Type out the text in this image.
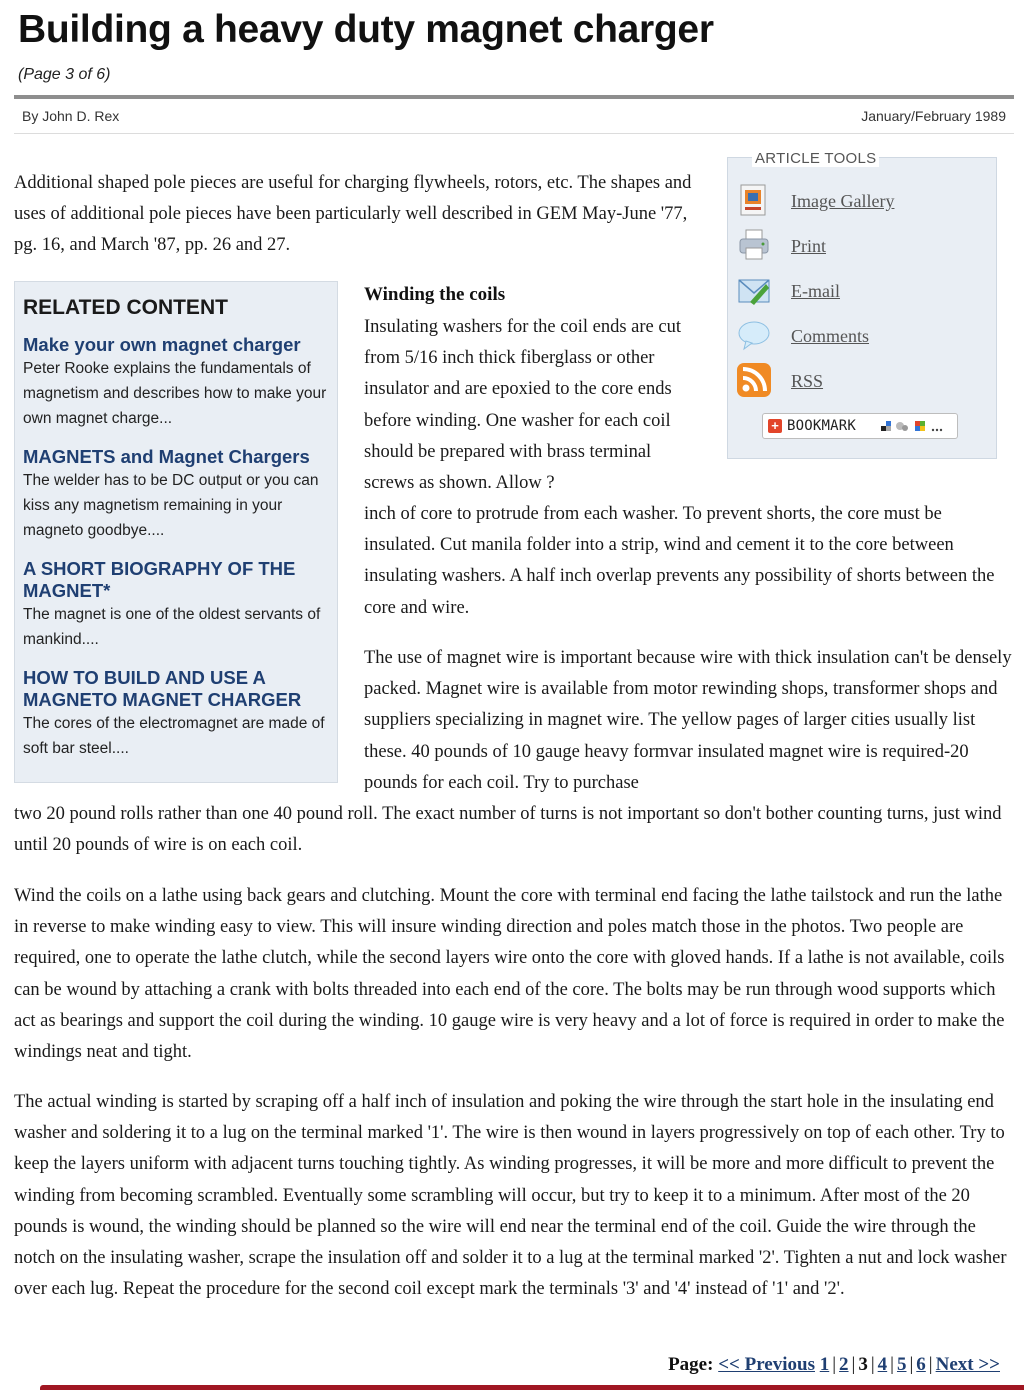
Building a heavy duty magnet charger
(Page 3 of 6)
By John D. Rex	January/February 1989

Additional shaped pole pieces are useful for charging flywheels, rotors, etc. The shapes and uses of additional pole pieces have been particularly well described in GEM May-June '77, pg. 16, and March '87, pp. 26 and 27.

ARTICLE TOOLS
Image Gallery
Print
E-mail
Comments
RSS
+ BOOKMARK
RELATED CONTENT
Make your own magnet charger
Peter Rooke explains the fundamentals of magnetism and describes how to make your own magnet charge...
MAGNETS and Magnet Chargers
The welder has to be DC output or you can kiss any magnetism remaining in your magneto goodbye....
A SHORT BIOGRAPHY OF THE MAGNET*
The magnet is one of the oldest servants of mankind....
HOW TO BUILD AND USE A MAGNETO MAGNET CHARGER
The cores of the electromagnet are made of soft bar steel....
Winding the coils

Insulating washers for the coil ends are cut from 5/16 inch thick fiberglass or other insulator and are epoxied to the core ends before winding. One washer for each coil should be prepared with brass terminal screws as shown. Allow ?

inch of core to protrude from each washer. To prevent shorts, the core must be insulated. Cut manila folder into a strip, wind and cement it to the core between insulating washers. A half inch overlap prevents any possibility of shorts between the core and wire.

The use of magnet wire is important because wire with thick insulation can't be densely packed. Magnet wire is available from motor rewinding shops, transformer shops and suppliers specializing in magnet wire. The yellow pages of larger cities usually list these. 40 pounds of 10 gauge heavy formvar insulated magnet wire is required-20 pounds for each coil. Try to purchase

two 20 pound rolls rather than one 40 pound roll. The exact number of turns is not important so don't bother counting turns, just wind until 20 pounds of wire is on each coil.

Wind the coils on a lathe using back gears and clutching. Mount the core with terminal end facing the lathe tailstock and run the lathe in reverse to make winding easy to view. This will insure winding direction and poles match those in the photos. Two people are required, one to operate the lathe clutch, while the second layers wire onto the core with gloved hands. If a lathe is not available, coils can be wound by attaching a crank with bolts threaded into each end of the core. The bolts may be run through wood supports which act as bearings and support the coil during the winding. 10 gauge wire is very heavy and a lot of force is required in order to make the windings neat and tight.

The actual winding is started by scraping off a half inch of insulation and poking the wire through the start hole in the insulating end washer and soldering it to a lug on the terminal marked '1'. The wire is then wound in layers progressively on top of each other. Try to keep the layers uniform with adjacent turns touching tightly. As winding progresses, it will be more and more difficult to prevent the winding from becoming scrambled. Eventually some scrambling will occur, but try to keep it to a minimum. After most of the 20 pounds is wound, the winding should be planned so the wire will end near the terminal end of the coil. Guide the wire through the notch on the insulating washer, scrape the insulation off and solder it to a lug at the terminal marked '2'. Tighten a nut and lock washer over each lug. Repeat the procedure for the second coil except mark the terminals '3' and '4' instead of '1' and '2'.

Page: << Previous 1 | 2 | 3 | 4 | 5 | 6 | Next >>
